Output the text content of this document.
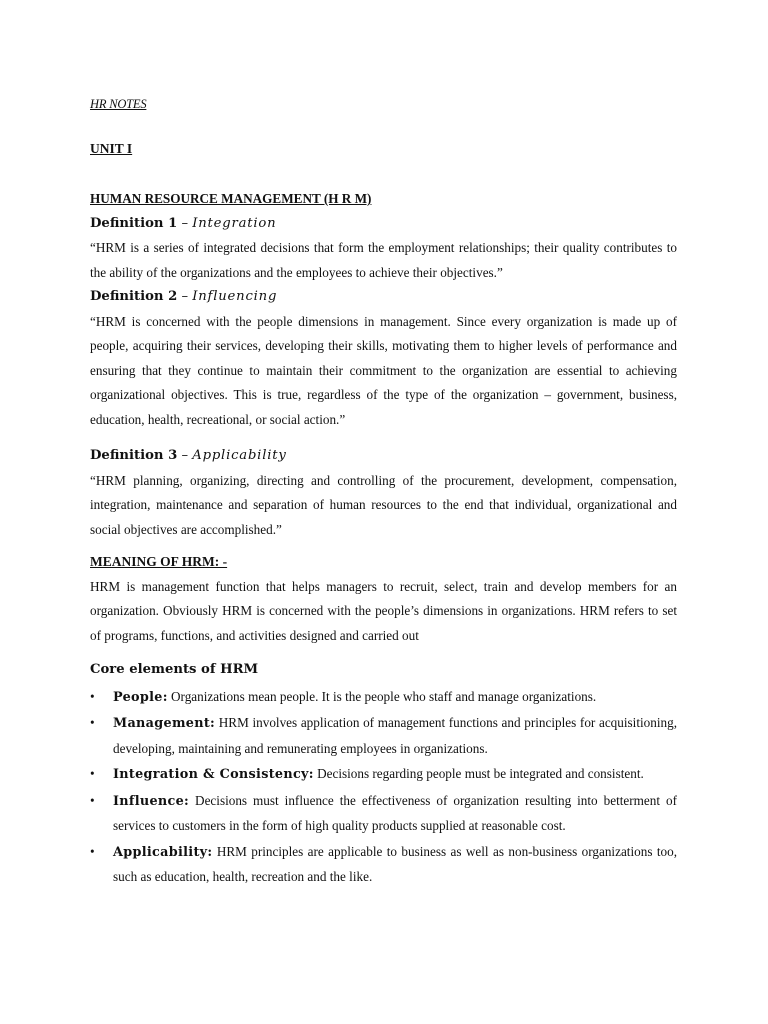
HR NOTES
UNIT I
HUMAN RESOURCE MANAGEMENT (H R M)
Definition 1 – Integration

“HRM is a series of integrated decisions that form the employment relationships; their quality contributes to the ability of the organizations and the employees to achieve their objectives.”

Definition 2 – Influencing

“HRM is concerned with the people dimensions in management. Since every organization is made up of people, acquiring their services, developing their skills, motivating them to higher levels of performance and ensuring that they continue to maintain their commitment to the organization are essential to achieving organizational objectives. This is true, regardless of the type of the organization – government, business, education, health, recreational, or social action.”

Definition 3 – Applicability

“HRM planning, organizing, directing and controlling of the procurement, development, compensation, integration, maintenance and separation of human resources to the end that individual, organizational and social objectives are accomplished.”

MEANING OF HRM: -

HRM is management function that helps managers to recruit, select, train and develop members for an organization. Obviously HRM is concerned with the people’s dimensions in organizations. HRM refers to set of programs, functions, and activities designed and carried out

Core elements of HRM
• People: Organizations mean people. It is the people who staff and manage organizations.
• Management: HRM involves application of management functions and principles for acquisitioning, developing, maintaining and remunerating employees in organizations.
• Integration & Consistency: Decisions regarding people must be integrated and consistent.
• Influence: Decisions must influence the effectiveness of organization resulting into betterment of services to customers in the form of high quality products supplied at reasonable cost.
• Applicability: HRM principles are applicable to business as well as non-business organizations too, such as education, health, recreation and the like.
